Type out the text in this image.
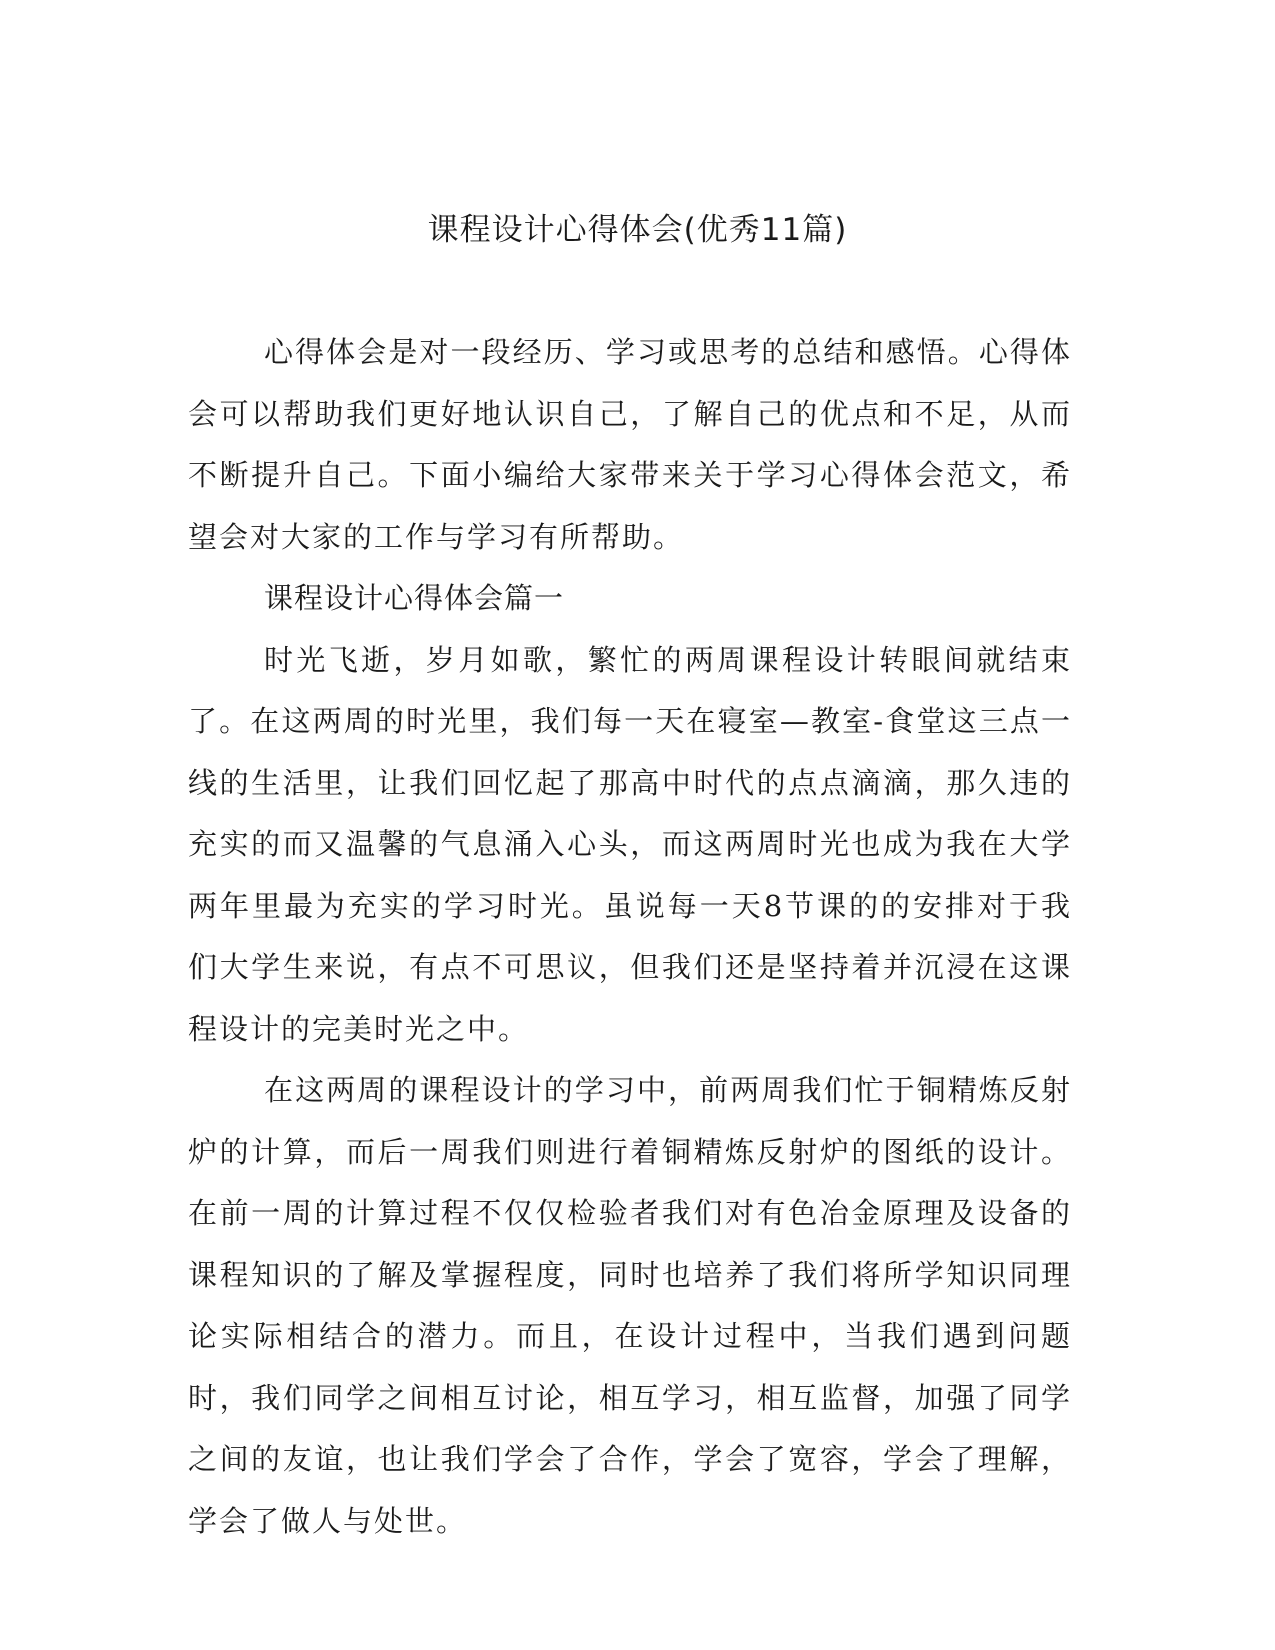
课程设计心得体会(优秀11篇)

心得体会是对一段经历、学习或思考的总结和感悟。心得体会可以帮助我们更好地认识自己，了解自己的优点和不足，从而不断提升自己。下面小编给大家带来关于学习心得体会范文，希望会对大家的工作与学习有所帮助。

课程设计心得体会篇一

时光飞逝，岁月如歌，繁忙的两周课程设计转眼间就结束了。在这两周的时光里，我们每一天在寝室—教室-食堂这三点一线的生活里，让我们回忆起了那高中时代的点点滴滴，那久违的充实的而又温馨的气息涌入心头，而这两周时光也成为我在大学两年里最为充实的学习时光。虽说每一天8节课的的安排对于我们大学生来说，有点不可思议，但我们还是坚持着并沉浸在这课程设计的完美时光之中。

在这两周的课程设计的学习中，前两周我们忙于铜精炼反射炉的计算，而后一周我们则进行着铜精炼反射炉的图纸的设计。在前一周的计算过程不仅仅检验者我们对有色冶金原理及设备的课程知识的了解及掌握程度，同时也培养了我们将所学知识同理论实际相结合的潜力。而且，在设计过程中，当我们遇到问题时，我们同学之间相互讨论，相互学习，相互监督，加强了同学之间的友谊，也让我们学会了合作，学会了宽容，学会了理解，学会了做人与处世。
